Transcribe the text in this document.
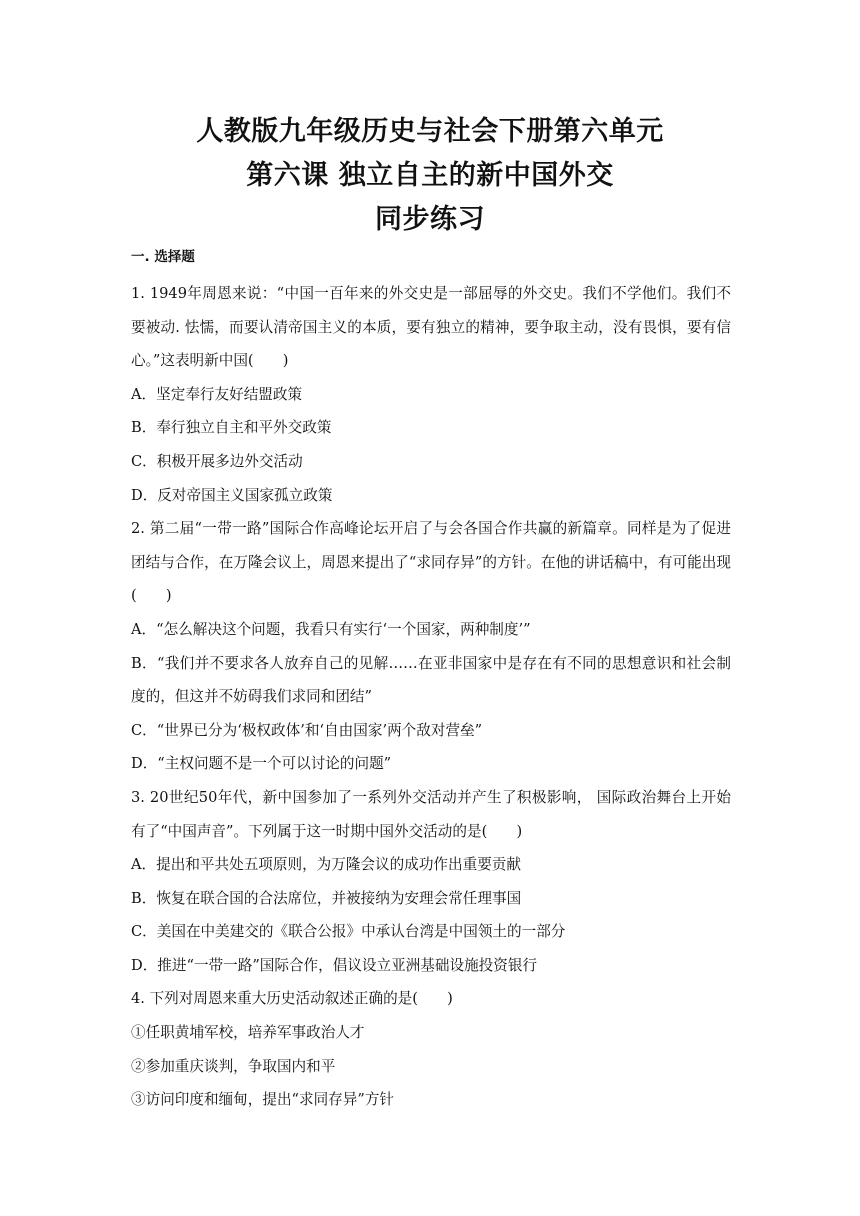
人教版九年级历史与社会下册第六单元
第六课 独立自主的新中国外交
同步练习
一. 选择题
1. 1949年周恩来说：“中国一百年来的外交史是一部屈辱的外交史。我们不学他们。我们不要被动. 怯懦，而要认清帝国主义的本质，要有独立的精神，要争取主动，没有畏惧，要有信心。”这表明新中国(　　)
A．坚定奉行友好结盟政策
B．奉行独立自主和平外交政策
C．积极开展多边外交活动
D．反对帝国主义国家孤立政策
2. 第二届“一带一路”国际合作高峰论坛开启了与会各国合作共赢的新篇章。同样是为了促进团结与合作，在万隆会议上，周恩来提出了“求同存异”的方针。在他的讲话稿中，有可能出现(　　)
A．“怎么解决这个问题，我看只有实行‘一个国家，两种制度’”
B．“我们并不要求各人放弃自己的见解……在亚非国家中是存在有不同的思想意识和社会制度的，但这并不妨碍我们求同和团结”
C．“世界已分为‘极权政体’和‘自由国家’两个敌对营垒”
D．“主权问题不是一个可以讨论的问题”
3. 20世纪50年代，新中国参加了一系列外交活动并产生了积极影响， 国际政治舞台上开始有了“中国声音”。下列属于这一时期中国外交活动的是(　　)
A．提出和平共处五项原则，为万隆会议的成功作出重要贡献
B．恢复在联合国的合法席位，并被接纳为安理会常任理事国
C．美国在中美建交的《联合公报》中承认台湾是中国领土的一部分
D．推进“一带一路”国际合作，倡议设立亚洲基础设施投资银行
4. 下列对周恩来重大历史活动叙述正确的是(　　)
①任职黄埔军校，培养军事政治人才
②参加重庆谈判，争取国内和平
③访问印度和缅甸，提出“求同存异”方针
